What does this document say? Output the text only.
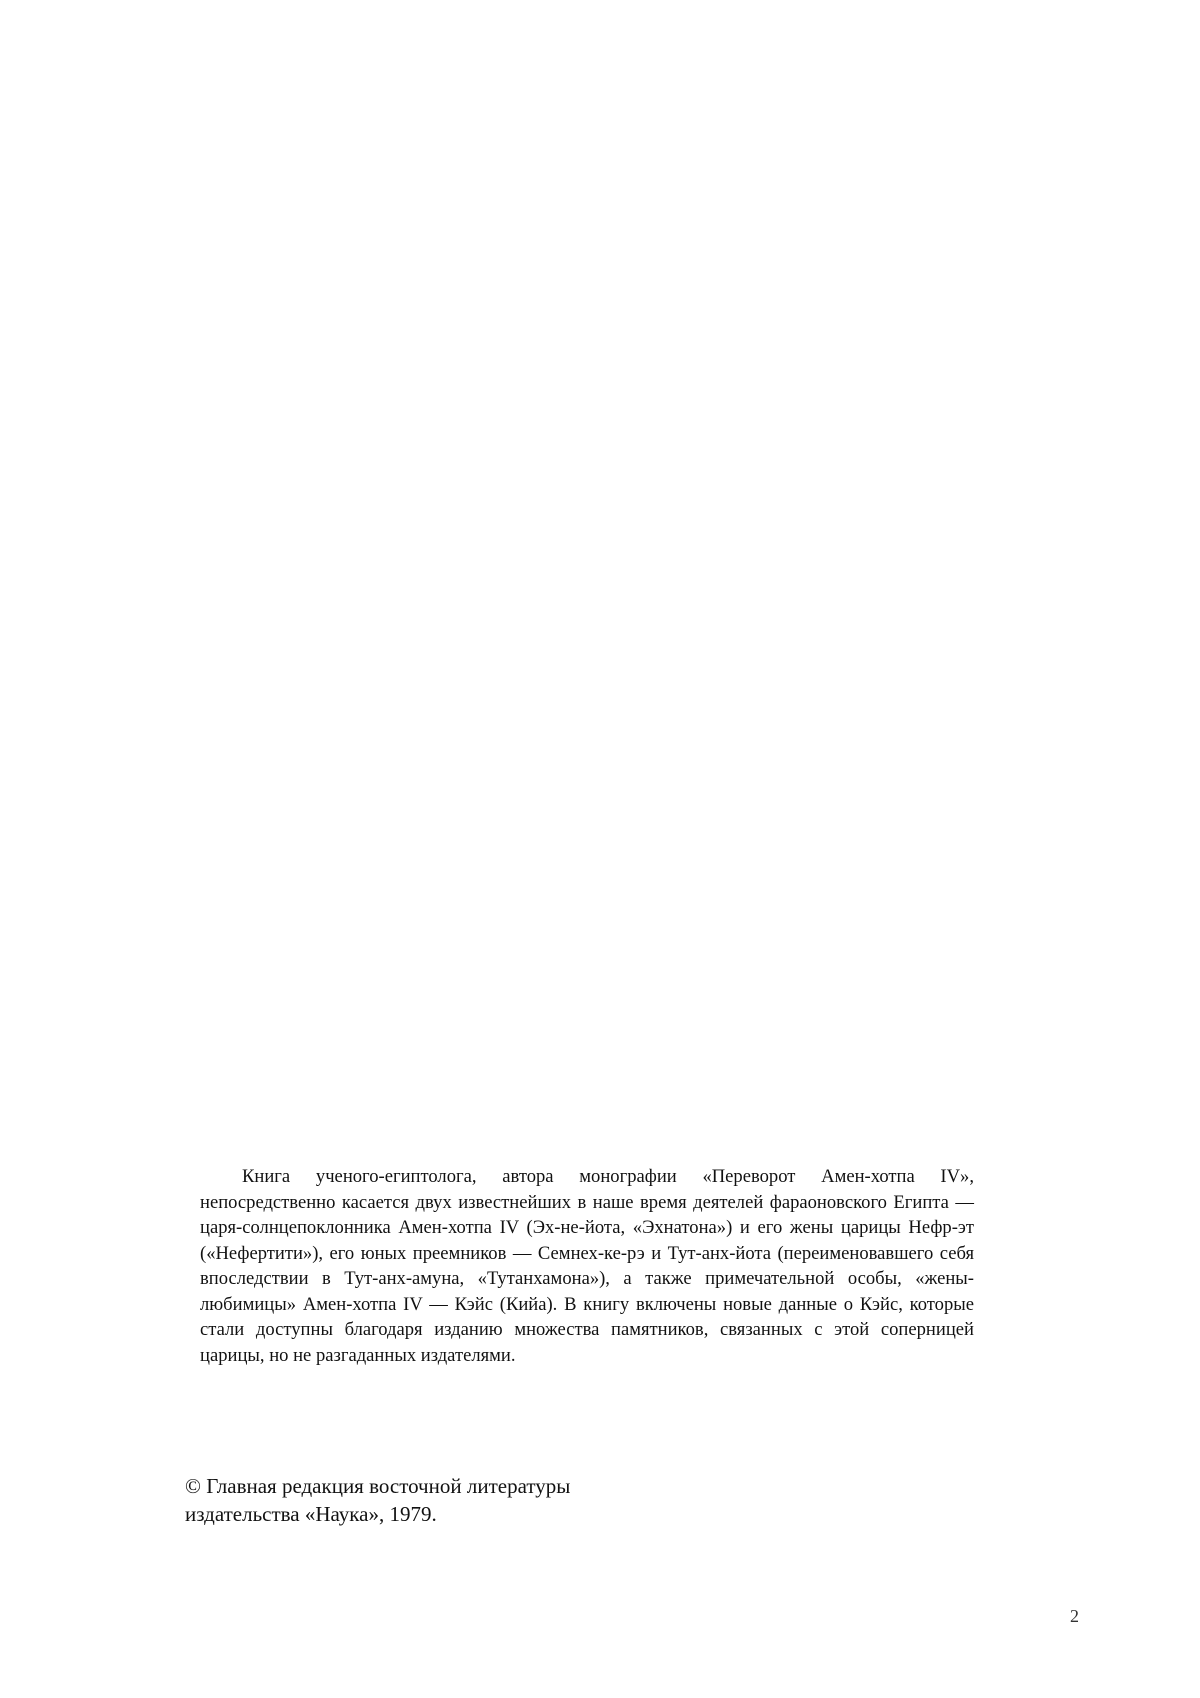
Книга ученого-египтолога, автора монографии «Переворот Амен-хотпа IV», непосредственно касается двух известнейших в наше время деятелей фараоновского Египта — царя-солнцепоклонника Амен-хотпа IV (Эх-не-йота, «Эхнатона») и его жены царицы Нефр-эт («Нефертити»), его юных преемников — Семнех-ке-рэ и Тут-анх-йота (переименовавшего себя впоследствии в Тут-анх-амуна, «Тутанхамона»), а также примечательной особы, «жены-любимицы» Амен-хотпа IV — Кэйс (Кийа). В книгу включены новые данные о Кэйс, которые стали доступны благодаря изданию множества памятников, связанных с этой соперницей царицы, но не разгаданных издателями.

© Главная редакция восточной литературы
издательства «Наука», 1979.
2
